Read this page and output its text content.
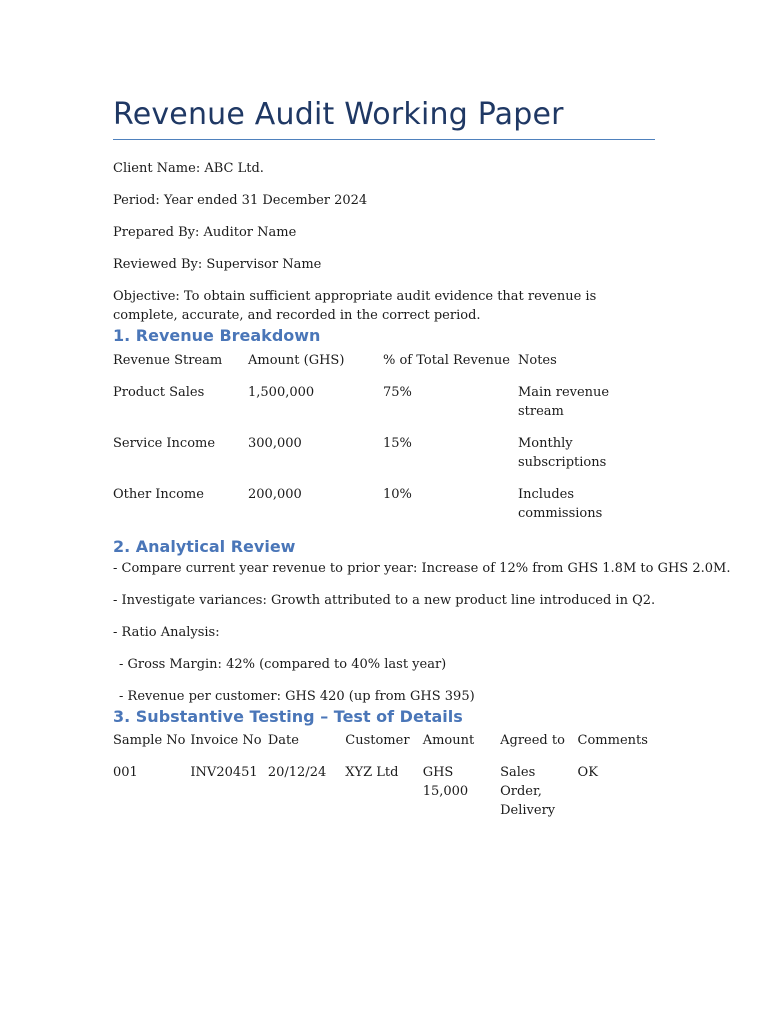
Revenue Audit Working Paper

Client Name: ABC Ltd.

Period: Year ended 31 December 2024

Prepared By: Auditor Name

Reviewed By: Supervisor Name

Objective: To obtain sufficient appropriate audit evidence that revenue is complete, accurate, and recorded in the correct period.

1. Revenue Breakdown
Revenue Stream	Amount (GHS)	% of Total Revenue	Notes
Product Sales	1,500,000	75%	Main revenue stream
Service Income	300,000	15%	Monthly subscriptions
Other Income	200,000	10%	Includes commissions
2. Analytical Review

- Compare current year revenue to prior year: Increase of 12% from GHS 1.8M to GHS 2.0M.

- Investigate variances: Growth attributed to a new product line introduced in Q2.

- Ratio Analysis:

- Gross Margin: 42% (compared to 40% last year)

- Revenue per customer: GHS 420 (up from GHS 395)

3. Substantive Testing – Test of Details
Sample No	Invoice No	Date	Customer	Amount	Agreed to	Comments
001	INV20451	20/12/24	XYZ Ltd	GHS 15,000	Sales Order, Delivery	OK
